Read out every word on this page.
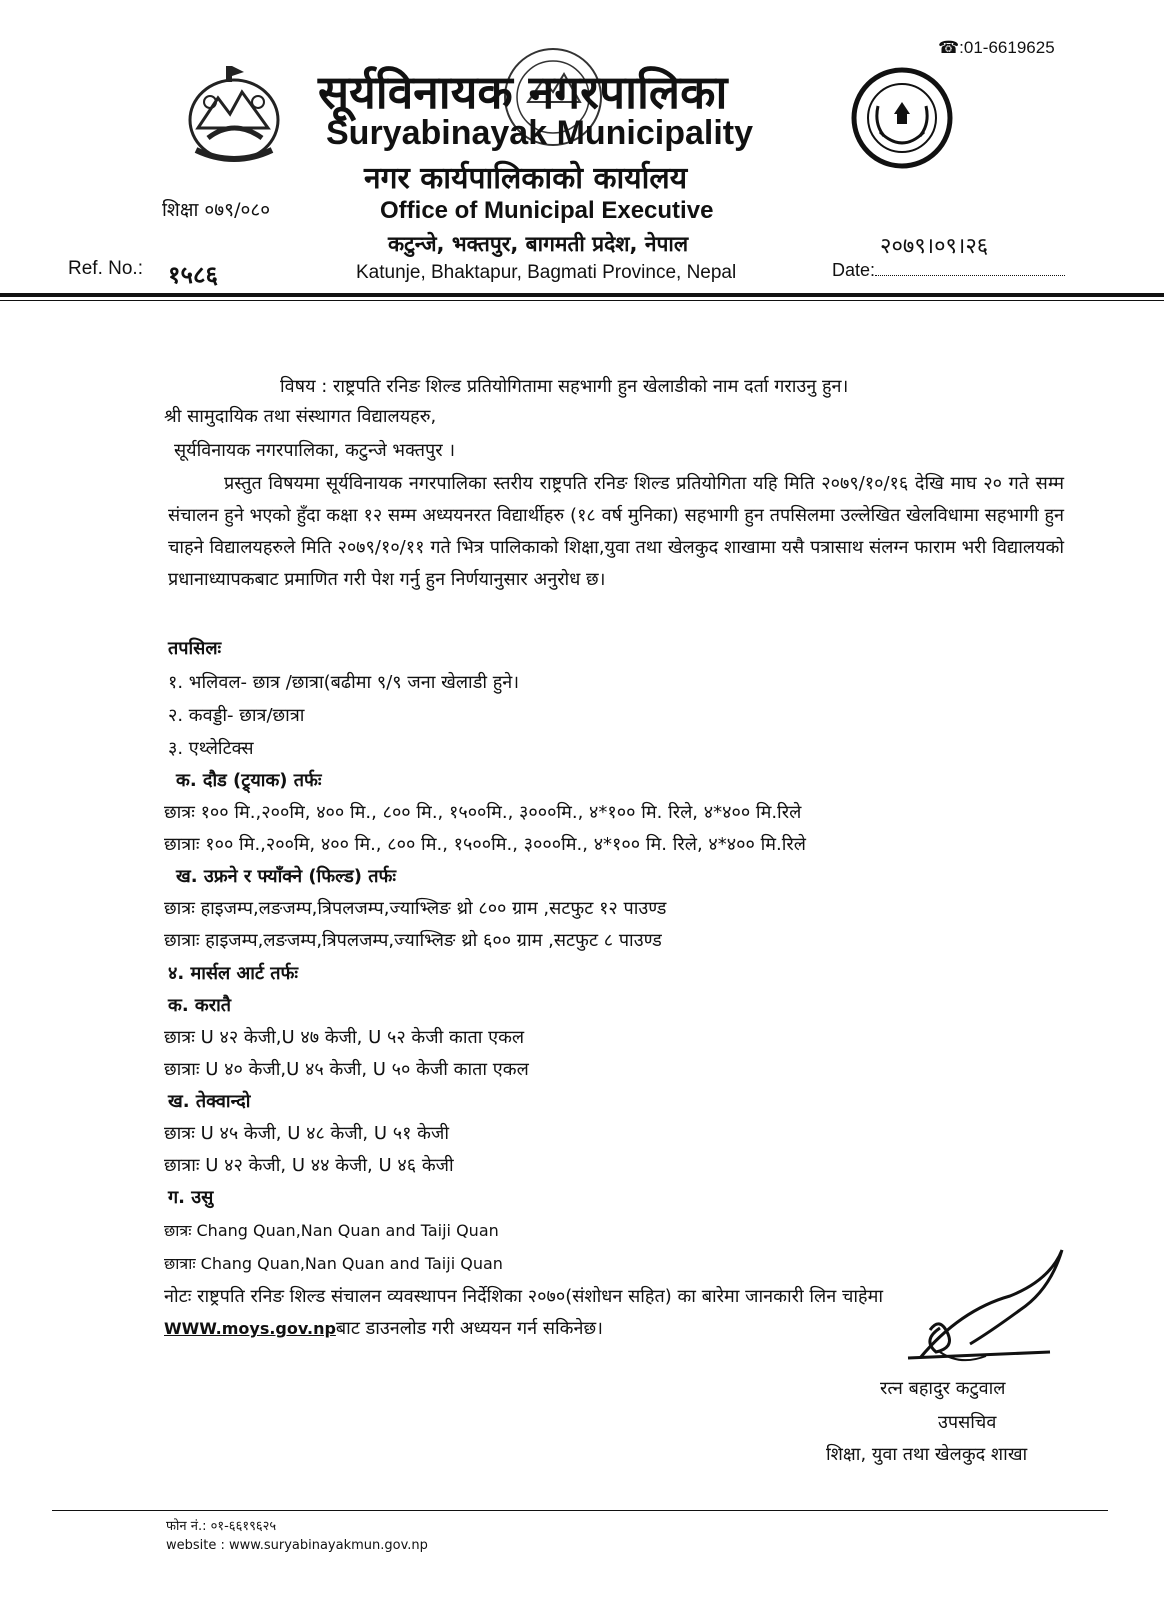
☎:01-6619625
सूर्यविनायक नगरपालिका
Suryabinayak Municipality
नगर कार्यपालिकाको कार्यालय
Office of Municipal Executive
कटुन्जे, भक्तपुर, बागमती प्रदेश, नेपाल
Katunje, Bhaktapur, Bagmati Province, Nepal
शिक्षा ०७९/०८०
Ref. No.: १५८६
२०७९।०९।२६
Date:
विषय : राष्ट्रपति रनिङ शिल्ड प्रतियोगितामा सहभागी हुन खेलाडीको नाम दर्ता गराउनु हुन।
श्री सामुदायिक तथा संस्थागत विद्यालयहरु,
सूर्यविनायक नगरपालिका, कटुन्जे भक्तपुर ।
प्रस्तुत विषयमा सूर्यविनायक नगरपालिका स्तरीय राष्ट्रपति रनिङ शिल्ड प्रतियोगिता यहि मिति २०७९/१०/१६ देखि माघ २० गते सम्म संचालन हुने भएको हुँदा कक्षा १२ सम्म अध्ययनरत विद्यार्थीहरु (१८ वर्ष मुनिका) सहभागी हुन तपसिलमा उल्लेखित खेलविधामा सहभागी हुन चाहने विद्यालयहरुले मिति २०७९/१०/११ गते भित्र पालिकाको शिक्षा,युवा तथा खेलकुद शाखामा यसै पत्रासाथ संलग्न फाराम भरी विद्यालयको प्रधानाध्यापकबाट प्रमाणित गरी पेश गर्नु हुन निर्णयानुसार अनुरोध छ।
तपसिलः
१. भलिवल- छात्र /छात्रा(बढीमा ९/९ जना खेलाडी हुने।
२. कवड्डी- छात्र/छात्रा
३. एथ्लेटिक्स
क. दौड (ट्र्याक) तर्फः
छात्रः १०० मि.,२००मि, ४०० मि., ८०० मि., १५००मि., ३०००मि., ४*१०० मि. रिले, ४*४०० मि.रिले
छात्राः १०० मि.,२००मि, ४०० मि., ८०० मि., १५००मि., ३०००मि., ४*१०० मि. रिले, ४*४०० मि.रिले
ख. उफ्रने र फ्याँक्ने (फिल्ड) तर्फः
छात्रः हाइजम्प,लङजम्प,त्रिपलजम्प,ज्याभ्लिङ थ्रो ८०० ग्राम ,सटफुट १२ पाउण्ड
छात्राः हाइजम्प,लङजम्प,त्रिपलजम्प,ज्याभ्लिङ थ्रो ६०० ग्राम ,सटफुट ८ पाउण्ड
४. मार्सल आर्ट तर्फः
क. करातै
छात्रः U ४२ केजी,U ४७ केजी, U ५२ केजी काता एकल
छात्राः U ४० केजी,U ४५ केजी, U ५० केजी काता एकल
ख. तेक्वान्दो
छात्रः U ४५ केजी, U ४८ केजी, U ५१ केजी
छात्राः U ४२ केजी, U ४४ केजी, U ४६ केजी
ग. उसु
छात्रः Chang Quan,Nan Quan and Taiji Quan
छात्राः Chang Quan,Nan Quan and Taiji Quan
नोटः राष्ट्रपति रनिङ शिल्ड संचालन व्यवस्थापन निर्देशिका २०७०(संशोधन सहित) का बारेमा जानकारी लिन चाहेमा
WWW.moys.gov.npबाट डाउनलोड गरी अध्ययन गर्न सकिनेछ।
रत्न बहादुर कटुवाल
उपसचिव
शिक्षा, युवा तथा खेलकुद शाखा
फोन नं.: ०१-६६१९६२५
website : www.suryabinayakmun.gov.np
